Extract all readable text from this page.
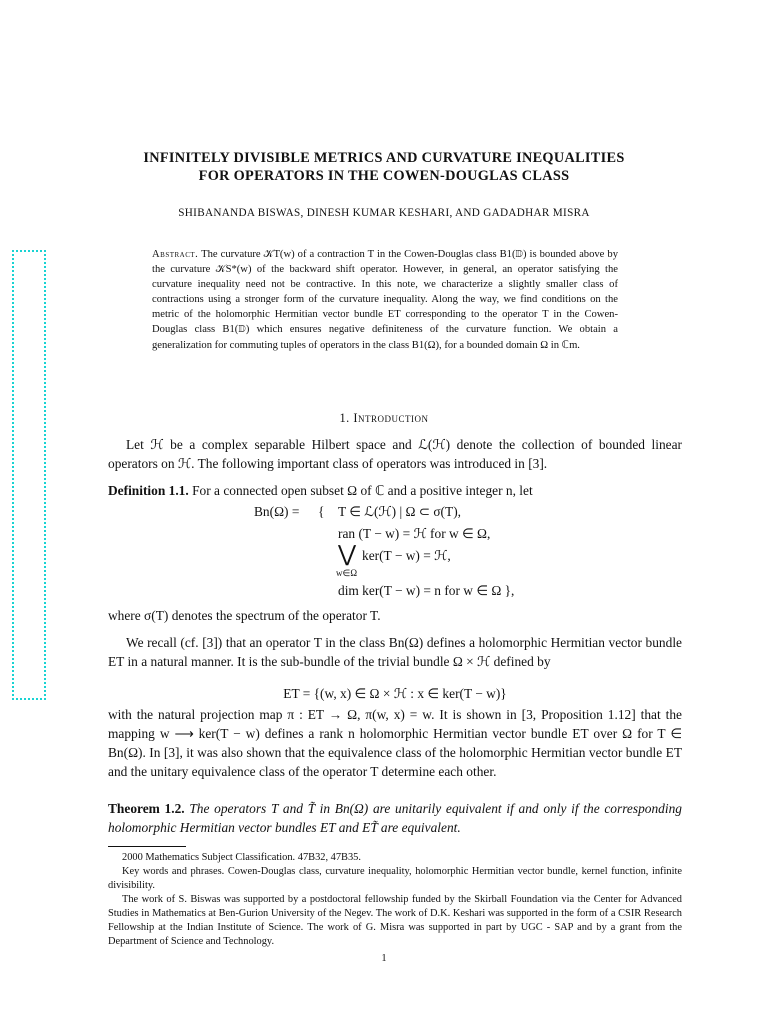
INFINITELY DIVISIBLE METRICS AND CURVATURE INEQUALITIES
FOR OPERATORS IN THE COWEN-DOUGLAS CLASS
SHIBANANDA BISWAS, DINESH KUMAR KESHARI, AND GADADHAR MISRA
Abstract. The curvature 𝒦T(w) of a contraction T in the Cowen-Douglas class B1(𝔻) is bounded above by the curvature 𝒦S*(w) of the backward shift operator. However, in general, an operator satisfying the curvature inequality need not be contractive. In this note, we characterize a slightly smaller class of contractions using a stronger form of the curvature inequality. Along the way, we find conditions on the metric of the holomorphic Hermitian vector bundle ET corresponding to the operator T in the Cowen-Douglas class B1(𝔻) which ensures negative definiteness of the curvature function. We obtain a generalization for commuting tuples of operators in the class B1(Ω), for a bounded domain Ω in ℂm.
1. Introduction
Let ℋ be a complex separable Hilbert space and ℒ(ℋ) denote the collection of bounded linear operators on ℋ. The following important class of operators was introduced in [3].
Definition 1.1. For a connected open subset Ω of ℂ and a positive integer n, let
Bn(Ω) = { T ∈ ℒ(ℋ) | Ω ⊂ σ(T),
ran (T − w) = ℋ for w ∈ Ω,
⋁
w∈Ω
ker(T − w) = ℋ,
dim ker(T − w) = n for w ∈ Ω },
where σ(T) denotes the spectrum of the operator T.
We recall (cf. [3]) that an operator T in the class Bn(Ω) defines a holomorphic Hermitian vector bundle ET in a natural manner. It is the sub-bundle of the trivial bundle Ω × ℋ defined by
ET = {(w, x) ∈ Ω × ℋ : x ∈ ker(T − w)}
with the natural projection map π : ET → Ω, π(w, x) = w. It is shown in [3, Proposition 1.12] that the mapping w ⟶ ker(T − w) defines a rank n holomorphic Hermitian vector bundle ET over Ω for T ∈ Bn(Ω). In [3], it was also shown that the equivalence class of the holomorphic Hermitian vector bundle ET and the unitary equivalence class of the operator T determine each other.
Theorem 1.2. The operators T and T̃ in Bn(Ω) are unitarily equivalent if and only if the corresponding holomorphic Hermitian vector bundles ET and ET̃ are equivalent.
2000 Mathematics Subject Classification. 47B32, 47B35.
Key words and phrases. Cowen-Douglas class, curvature inequality, holomorphic Hermitian vector bundle, kernel function, infinite divisibility.
The work of S. Biswas was supported by a postdoctoral fellowship funded by the Skirball Foundation via the Center for Advanced Studies in Mathematics at Ben-Gurion University of the Negev. The work of D.K. Keshari was supported in the form of a CSIR Research Fellowship at the Indian Institute of Science. The work of G. Misra was supported in part by UGC - SAP and by a grant from the Department of Science and Technology.
1
